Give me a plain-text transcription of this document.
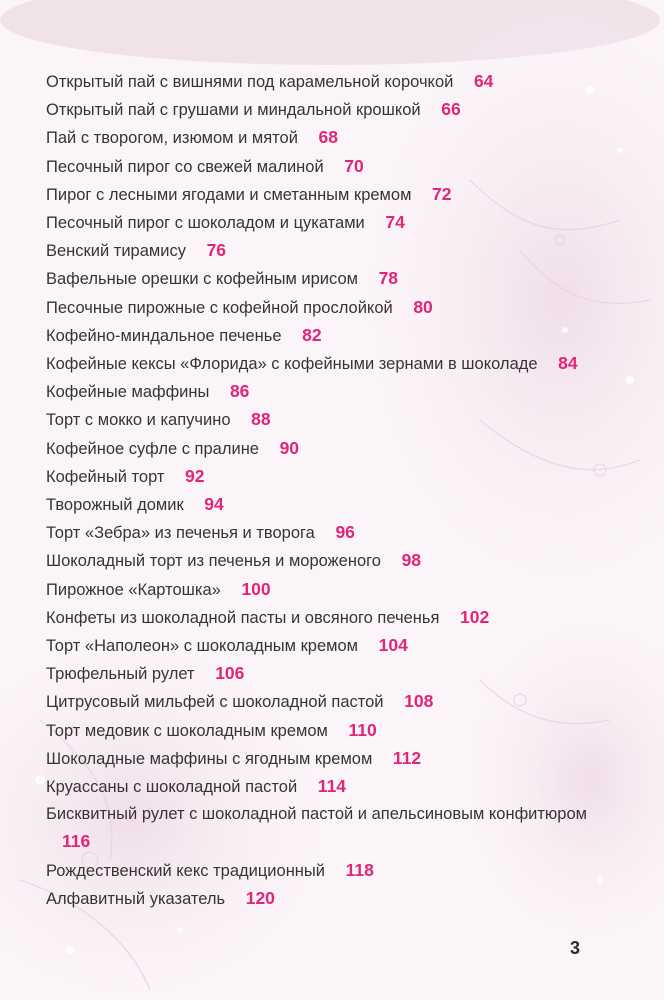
Открытый пай с вишнями под карамельной корочкой 64
Открытый пай с грушами и миндальной крошкой 66
Пай с творогом, изюмом и мятой 68
Песочный пирог со свежей малиной 70
Пирог с лесными ягодами и сметанным кремом 72
Песочный пирог с шоколадом и цукатами 74
Венский тирамису 76
Вафельные орешки с кофейным ирисом 78
Песочные пирожные с кофейной прослойкой 80
Кофейно-миндальное печенье 82
Кофейные кексы «Флорида» с кофейными зернами в шоколаде 84
Кофейные маффины 86
Торт с мокко и капучино 88
Кофейное суфле с пралине 90
Кофейный торт 92
Творожный домик 94
Торт «Зебра» из печенья и творога 96
Шоколадный торт из печенья и мороженого 98
Пирожное «Картошка» 100
Конфеты из шоколадной пасты и овсяного печенья 102
Торт «Наполеон» с шоколадным кремом 104
Трюфельный рулет 106
Цитрусовый мильфей с шоколадной пастой 108
Торт медовик с шоколадным кремом 110
Шоколадные маффины с ягодным кремом 112
Круассаны с шоколадной пастой 114
Бисквитный рулет с шоколадной пастой и апельсиновым конфитюром 116
Рождественский кекс традиционный 118
Алфавитный указатель 120
3
